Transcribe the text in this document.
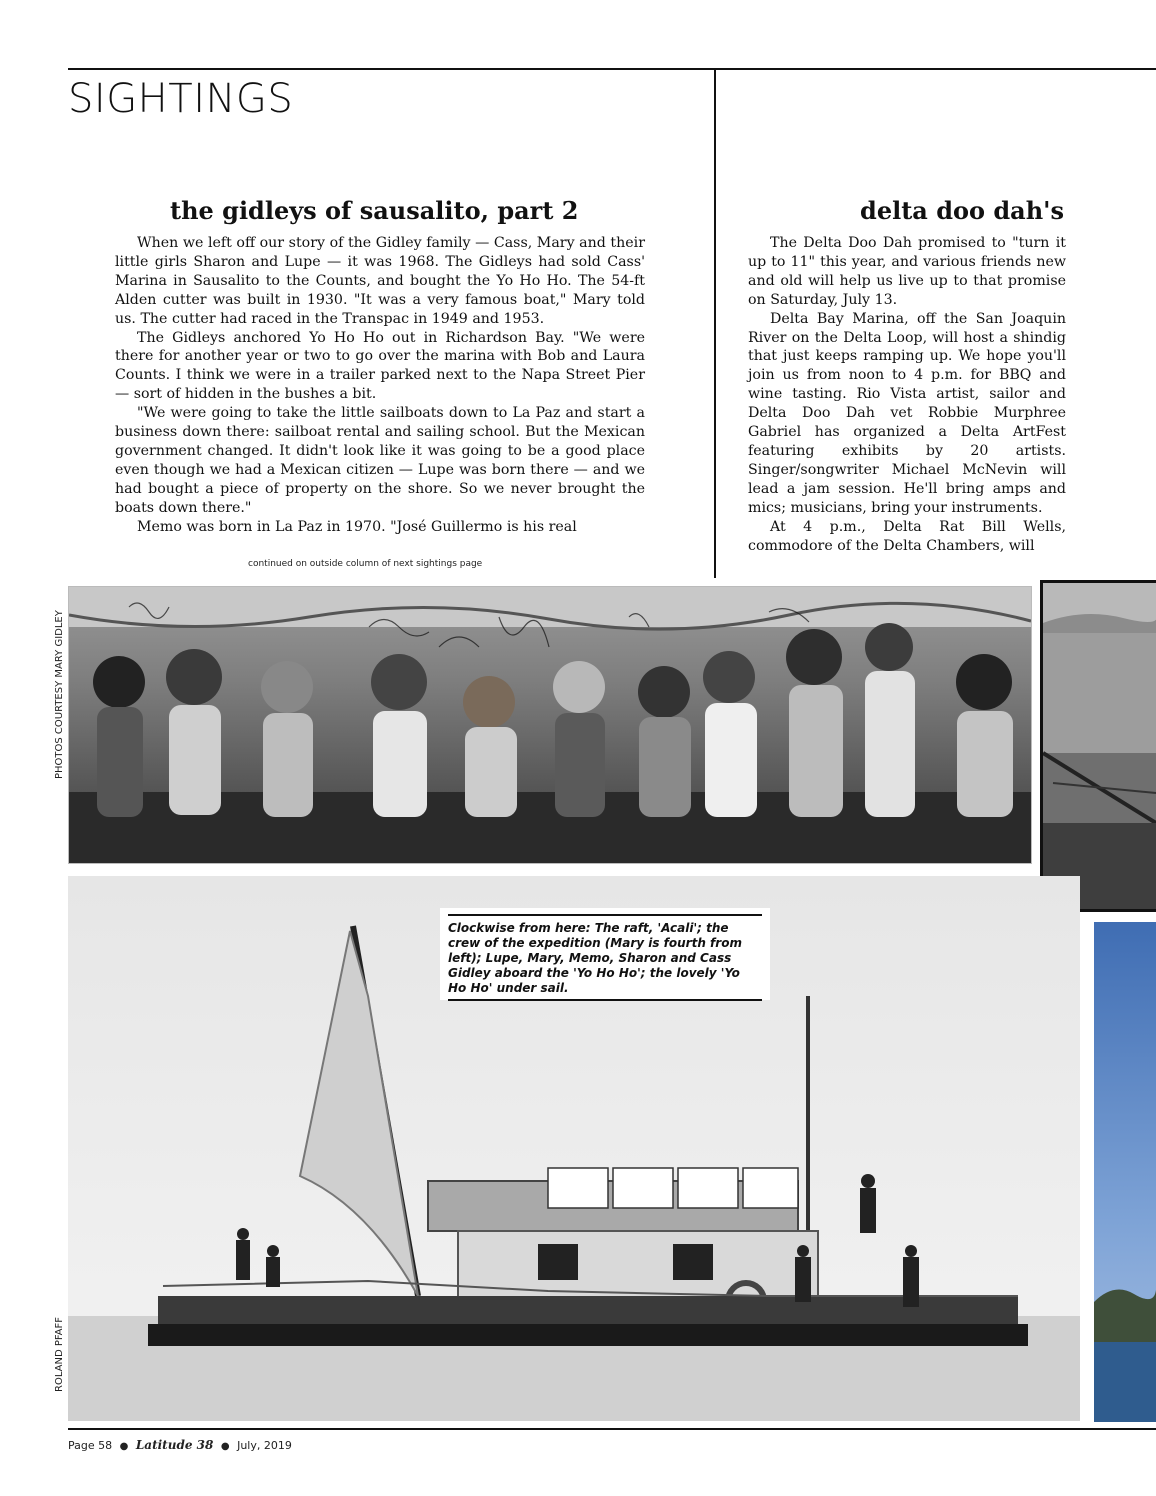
SIGHTINGS
the gidleys of sausalito, part 2	delta doo dah's

When we left off our story of the Gidley family — Cass, Mary and their little girls Sharon and Lupe — it was 1968. The Gidleys had sold Cass' Marina in Sausalito to the Counts, and bought the Yo Ho Ho. The 54-ft Alden cutter was built in 1930. "It was a very famous boat," Mary told us. The cutter had raced in the Transpac in 1949 and 1953.

The Gidleys anchored Yo Ho Ho out in Richardson Bay. "We were there for another year or two to go over the marina with Bob and Laura Counts. I think we were in a trailer parked next to the Napa Street Pier — sort of hidden in the bushes a bit.

"We were going to take the little sailboats down to La Paz and start a business down there: sailboat rental and sailing school. But the Mexican government changed. It didn't look like it was going to be a good place even though we had a Mexican citizen — Lupe was born there — and we had bought a piece of property on the shore. So we never brought the boats down there."

Memo was born in La Paz in 1970. "José Guillermo is his real

continued on outside column of next sightings page

The Delta Doo Dah promised to "turn it up to 11" this year, and various friends new and old will help us live up to that promise on Saturday, July 13.

Delta Bay Marina, off the San Joaquin River on the Delta Loop, will host a shindig that just keeps ramping up. We hope you'll join us from noon to 4 p.m. for BBQ and wine tasting. Rio Vista artist, sailor and Delta Doo Dah vet Robbie Murphree Gabriel has organized a Delta ArtFest featuring exhibits by 20 artists. Singer/songwriter Michael McNevin will lead a jam session. He'll bring amps and mics; musicians, bring your instruments.

At 4 p.m., Delta Rat Bill Wells, commodore of the Delta Chambers, will

PHOTOS COURTESY MARY GIDLEY
ROLAND PFAFF

Clockwise from here: The raft, 'Acali'; the crew of the expedition (Mary is fourth from left); Lupe, Mary, Memo, Sharon and Cass Gidley aboard the 'Yo Ho Ho'; the lovely 'Yo Ho Ho' under sail.

Page 58 ● Latitude 38 ● July, 2019
